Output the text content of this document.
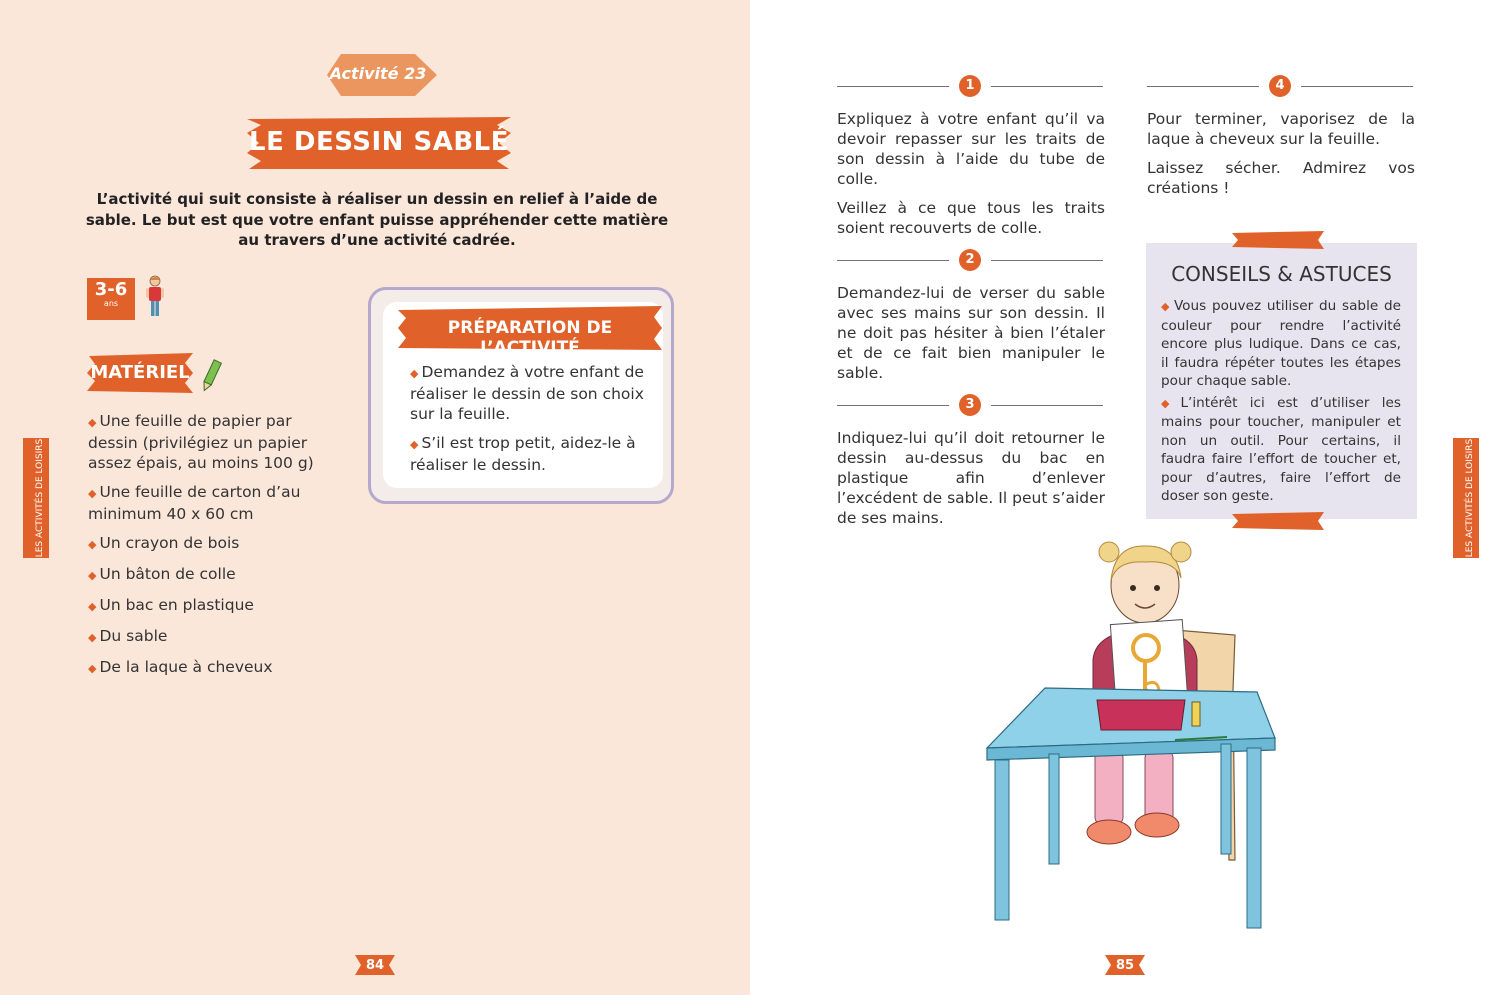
Activité 23
LE DESSIN SABLÉ
L’activité qui suit consiste à réaliser un dessin en relief à l’aide de sable. Le but est que votre enfant puisse appréhender cette matière au travers d’une activité cadrée.
3-6
ans
MATÉRIEL
◆ Une feuille de papier par dessin (privilégiez un papier assez épais, au moins 100 g)
◆ Une feuille de carton d’au minimum 40 x 60 cm
◆ Un crayon de bois
◆ Un bâton de colle
◆ Un bac en plastique
◆ Du sable
◆ De la laque à cheveux
PRÉPARATION DE L’ACTIVITÉ
◆ Demandez à votre enfant de réaliser le dessin de son choix sur la feuille.
◆ S’il est trop petit, aidez-le à réaliser le dessin.
LES ACTIVITÉS DE LOISIRS
84
1

Expliquez à votre enfant qu’il va devoir repasser sur les traits de son dessin à l’aide du tube de colle.

Veillez à ce que tous les traits soient recouverts de colle.

2

Demandez-lui de verser du sable avec ses mains sur son dessin. Il ne doit pas hésiter à bien l’étaler et de ce fait bien manipuler le sable.

3

Indiquez-lui qu’il doit retourner le dessin au-dessus du bac en plastique afin d’enlever l’excédent de sable. Il peut s’aider de ses mains.

4

Pour terminer, vaporisez de la laque à cheveux sur la feuille.

Laissez sécher. Admirez vos créations !

CONSEILS & ASTUCES

◆ Vous pouvez utiliser du sable de couleur pour rendre l’activité encore plus ludique. Dans ce cas, il faudra répéter toutes les étapes pour chaque sable.

◆ L’intérêt ici est d’utiliser les mains pour toucher, manipuler et non un outil. Pour certains, il faudra faire l’effort de toucher et, pour d’autres, faire l’effort de doser son geste.	LES ACTIVITÉS DE LOISIRS
85
